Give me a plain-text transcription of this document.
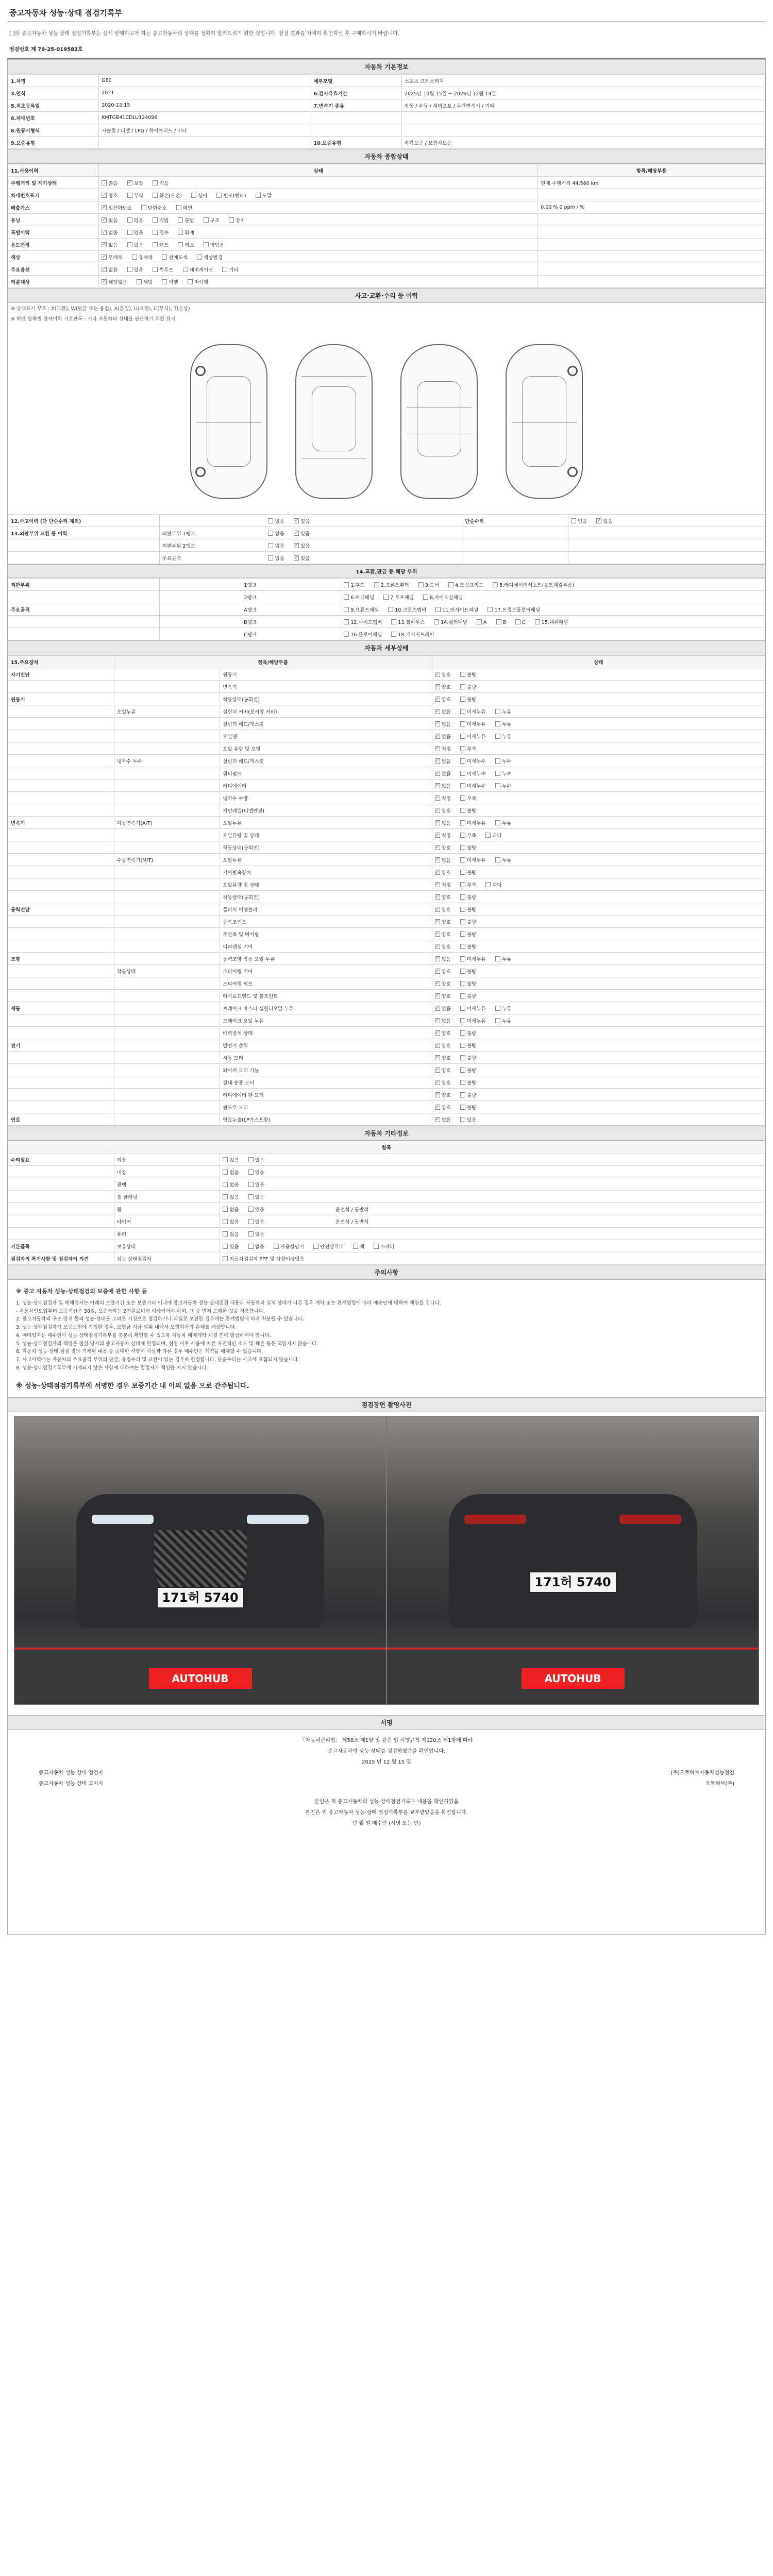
중고자동차 성능·상태 점검기록부
[ ]의 중고자동차 성능·상태 점검기록부는 실제 판매하고자 하는 중고자동차의 상태를 정확히 알려드리기 위한 것입니다. 점검 결과를 자세히 확인하신 후 구매하시기 바랍니다.
점검번호 제 79-25-019582호
자동차 기본정보
1.차명	G80	세부모델	스포츠 프레스티지
3.연식	2021	6.검사유효기간	2025년 10월 15일 ~ 2026년 12월 14일
5.최초등록일	2020-12-15	7.변속기 종류	자동 / 수동 / 세미오토 / 무단변속기 / 기타
6.차대번호	KMTGB41CDLU124096		
8.원동기형식	가솔린 / 디젤 / LPG / 하이브리드 / 기타		
9.보증유형		10.보증유형	자가보증 / 보험사보증
자동차 종합상태
11.사용이력	상태	항목/해당부품
주행거리 및 계기상태	많음 ✓ 보통 적음	현재 주행거리 44,560 km
차대번호표기	✓양호 부식 훼손(오손) 상이 변조(변타) 도말	
배출가스	✓일산화탄소 탄화수소 매연	0.00 % 0 ppm / %
튜닝	✓없음 있음 적법 불법 구조 장치	
특별이력	✓없음 있음 침수 화재	
용도변경	✓없음 있음 렌트 리스 영업용	
색상	✓무채색 유채색 전체도색 색상변경	
주요옵션	✓없음 있음 썬루프 네비게이션 기타	
리콜대상	✓해당없음 해당 이행 미이행	
사고·교환·수리 등 이력
※ 상태표시 부호 : X(교환), W(판금 또는 용접), A(흠집), U(요철), C(부식), T(손상)
※ 하단 항목별 상세이력 기호판독 : 기타 자동차의 상태를 판단하기 위한 표시
12.사고이력 (단 단순수리 제외)		없음 ✓ 있음	단순수리	없음 ✓ 있음
13.외판부위 교환 등 이력	외판부위 1랭크	없음 ✓ 있음		
	외판부위 2랭크	없음 ✓ 있음		
	주요골격	없음 ✓ 있음		
14.교환,판금 등 해당 부위
외판부위	1랭크	1.후드 2.프론트휀더 3.도어 4.트렁크리드 5.라디에이터서포트(볼트체결부품)
	2랭크	6.쿼터패널 7.루프패널 8.사이드실패널
주요골격	A랭크	9.프론트패널 10.크로스멤버 11.인사이드패널 17.트렁크플로어패널
	B랭크	12.사이드멤버 13.휠하우스 14.필러패널 A B C 15.대쉬패널
	C랭크	16.플로어패널 18.패키지트레이
자동차 세부상태
15.주요장치	항목/해당부품		상태
자기진단		원동기	✓양호 불량
		변속기	✓양호 불량
원동기		작동상태(공회전)	✓양호 불량
	오일누유	실린더 커버(로커암 커버)	✓없음 미세누유 누유
		실린더 헤드/개스킷	✓없음 미세누유 누유
		오일팬	✓없음 미세누유 누유
		오일 유량 및 오염	✓적정 부족
	냉각수 누수	실린더 헤드/개스킷	✓없음 미세누수 누수
		워터펌프	✓없음 미세누수 누수
		라디에이터	✓없음 미세누수 누수
		냉각수 수량	✓적정 부족
		커먼레일(디젤엔진)	✓양호 불량
변속기	자동변속기(A/T)	오일누유	✓없음 미세누유 누유
		오일유량 및 상태	✓적정 부족 과다
		작동상태(공회전)	✓양호 불량
	수동변속기(M/T)	오일누유	✓없음 미세누유 누유
		기어변속장치	✓양호 불량
		오일유량 및 상태	✓적정 부족 과다
		작동상태(공회전)	✓양호 불량
동력전달		클러치 어셈블리	✓양호 불량
		등속조인트	✓양호 불량
		추진축 및 베어링	✓양호 불량
		디퍼렌셜 기어	✓양호 불량
조향		동력조향 작동 오일 누유	✓없음 미세누유 누유
	작동상태	스티어링 기어	✓양호 불량
		스티어링 펌프	✓양호 불량
		타이로드엔드 및 볼조인트	✓양호 불량
제동		브레이크 마스터 실린더오일 누유	✓없음 미세누유 누유
		브레이크 오일 누유	✓없음 미세누유 누유
		배력장치 상태	✓양호 불량
전기		발전기 출력	✓양호 불량
		시동 모터	✓양호 불량
		와이퍼 모터 기능	✓양호 불량
		실내 송풍 모터	✓양호 불량
		라디에이터 팬 모터	✓양호 불량
		윈도우 모터	✓양호 불량
연료		연료누출(LP가스포함)	✓없음 있음
자동차 기타정보
항목		
수리필요	외장	없음 있음
	내장	없음 있음
	광택	없음 있음
	룸 클리닝	없음 있음
	휠	없음 있음 운전석 / 동반석
	타이어	없음 있음 운전석 / 동반석
	유리	없음 있음
기본품목	보유상태	있음 없음 사용설명서 안전삼각대 잭 스패너
점검자의 특기사항 및 점검자의 의견	성능·상태점검자	자동차점검자 PPF 및 차량이상없음
주의사항
※ 중고 자동차 성능·상태점검의 보증에 관한 사항 등
1. 성능·상태점검자 및 매매업자는 아래의 보증기간 또는 보증거리 이내에 중고자동차 성능·상태점검 내용과 자동차의 실제 상태가 다른 경우 계약 또는 관계법령에 따라 매수인에 대하여 책임을 집니다.
- 자동차인도일부터 보증기간은 30일, 보증거리는 2천킬로미터 이상이어야 하며, 그 중 먼저 도래한 것을 적용합니다.
2. 중고자동차의 구조·장치 등의 성능·상태를 고의로 거짓으로 점검하거나 과실로 오진한 경우에는 관계법령에 따라 처분될 수 있습니다.
3. 성능·상태점검자가 보증보험에 가입한 경우, 보험금 지급 범위 내에서 보험회사가 손해를 배상합니다.
4. 매매업자는 매수인이 성능·상태점검기록부를 충분히 확인할 수 있도록 자동차 매매계약 체결 전에 발급하여야 합니다.
5. 성능·상태점검자의 책임은 점검 당시의 중고자동차 상태에 한정되며, 점검 이후 사용에 따른 자연적인 소모 및 훼손 등은 책임지지 않습니다.
6. 자동차 성능·상태 점검 결과 기재된 내용 중 중대한 사항이 사실과 다른 경우 매수인은 계약을 해제할 수 있습니다.
7. 사고이력에는 자동차의 주요골격 부위의 판금, 용접수리 및 교환이 있는 경우로 한정합니다. 단순수리는 사고에 포함되지 않습니다.
8. 성능·상태점검기록부에 기재되지 않은 사항에 대하여는 점검자가 책임을 지지 않습니다.
※ 성능·상태점검기록부에 서명한 경우 보증기간 내 이의 없음 으로 간주됩니다.
점검장면 촬영사진
171허 5740
AUTOHUB
171허 5740
AUTOHUB
서명
「자동차관리법」 제58조 제1항 및 같은 법 시행규칙 제120조 제1항에 따라
중고자동차의 성능·상태를 점검하였음을 확인합니다.
2025 년 12 월 15 일
중고자동차 성능·상태 점검자	(주)오토허브자동차성능점검
중고자동차 성능·상태 고지자	오토허브(주)
본인은 위 중고자동차의 성능·상태점검기록부 내용을 확인하였음
본인은 위 중고자동차 성능·상태 점검기록부를 교부받았음을 확인합니다.
년 월 일 매수인 (서명 또는 인)
